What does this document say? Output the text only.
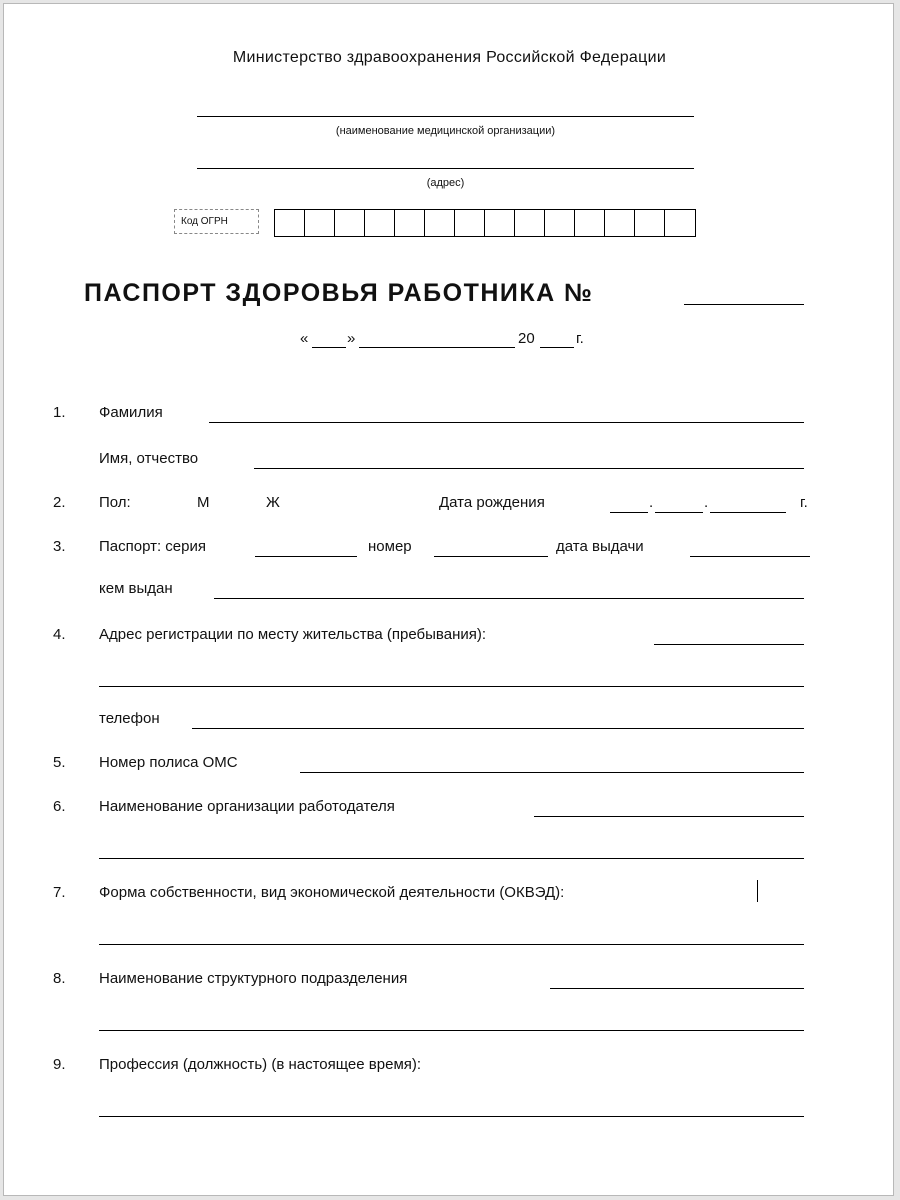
Министерство здравоохранения Российской Федерации
(наименование медицинской организации)
(адрес)
Код ОГРН
ПАСПОРТ ЗДОРОВЬЯ РАБОТНИКА №
«	»	20	г.
1. Фамилия
Имя, отчество
2. Пол:	М	Ж	Дата рождения	.	.	г.
3. Паспорт: серия	номер	дата выдачи
кем выдан
4. Адрес регистрации по месту жительства (пребывания):
телефон
5. Номер полиса ОМС
6. Наименование организации работодателя
7. Форма собственности, вид экономической деятельности (ОКВЭД):
8. Наименование структурного подразделения
9. Профессия (должность) (в настоящее время):
